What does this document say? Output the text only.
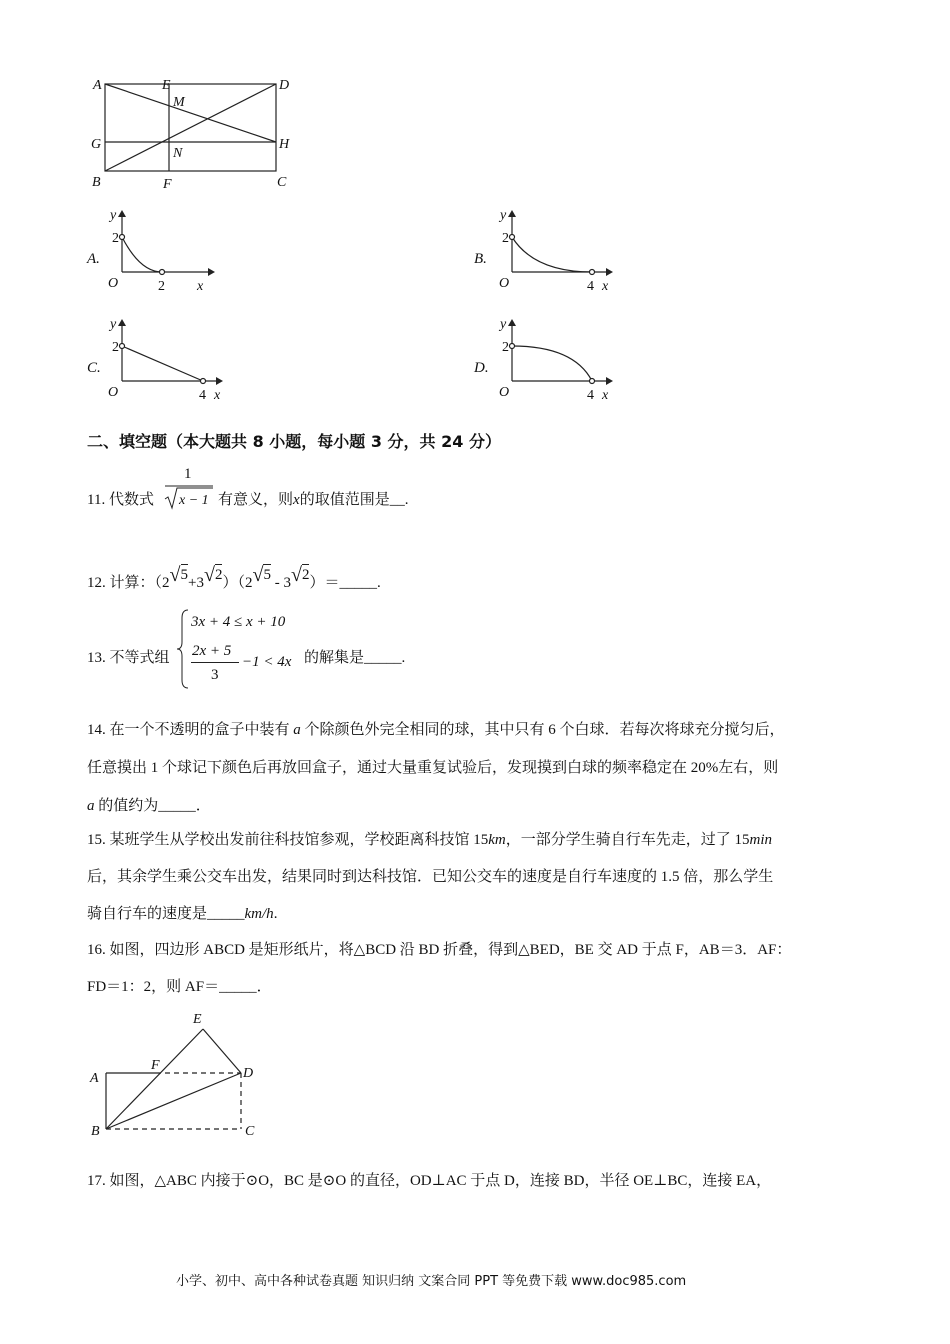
A	E	D
M
G
N
H
B	F	C
A.
y
2
O	2 x
B.
y
2
O	4 x
C.
y
2
O	4 x
D.
y
2
O	4 x
二、填空题（本大题共 8 小题，每小题 3 分，共 24 分）
11. 代数式
1
x − 1 有意义，则x的取值范围是__.
12. 计算：（2√5+3√2）（2√5 - 3√2）＝_____.
13. 不等式组
3x + 4 ≤ x + 10
2x + 5
3
−1 < 4x 的解集是_____.
14. 在一个不透明的盒子中装有 a 个除颜色外完全相同的球，其中只有 6 个白球．若每次将球充分搅匀后，
任意摸出 1 个球记下颜色后再放回盒子，通过大量重复试验后，发现摸到白球的频率稳定在 20%左右，则
a 的值约为_____．
15. 某班学生从学校出发前往科技馆参观，学校距离科技馆 15km，一部分学生骑自行车先走，过了 15min
后，其余学生乘公交车出发，结果同时到达科技馆．已知公交车的速度是自行车速度的 1.5 倍，那么学生
骑自行车的速度是_____km/h.
16. 如图，四边形 ABCD 是矩形纸片，将△BCD 沿 BD 折叠，得到△BED，BE 交 AD 于点 F，AB＝3．AF：
FD＝1：2，则 AF＝_____．
E
F
A	D
B	C
17. 如图，△ABC 内接于⊙O，BC 是⊙O 的直径，OD⊥AC 于点 D，连接 BD，半径 OE⊥BC，连接 EA，
小学、初中、高中各种试卷真题 知识归纳 文案合同 PPT 等免费下载 www.doc985.com
